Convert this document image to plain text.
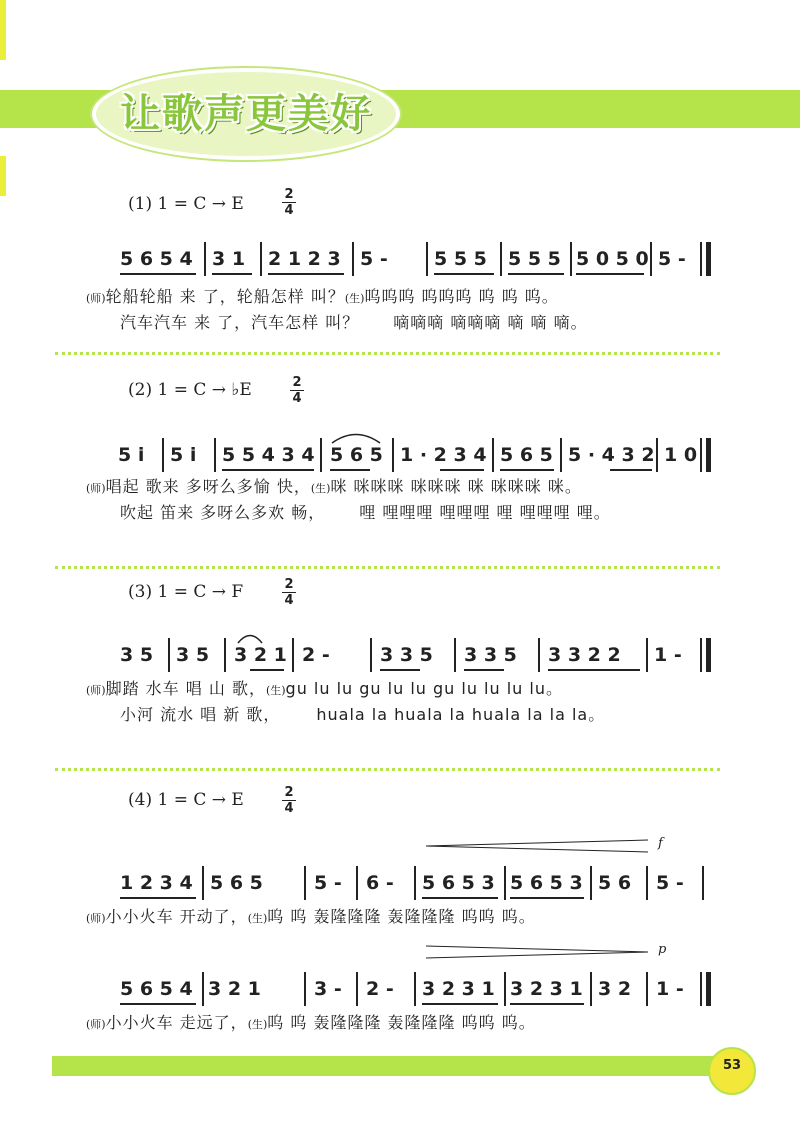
让歌声更美好
(1) 1 = C → E	2
4
5 6 5 4 3 1 2 1 2 3 5 - 5 5 5 5 5 5 5 0 5 0 5 -
(师)轮船轮船 来 了，轮船怎样 叫？(生)呜呜呜 呜呜呜 呜 呜 呜。
汽车汽车 来 了，汽车怎样 叫？ 嘀嘀嘀 嘀嘀嘀 嘀 嘀 嘀。
(2) 1 = C → ♭E	2
4
5 i 5 i 5 5 4 3 4 5 6 5 1 · 2 3 4 5 6 5 5 · 4 3 2 1 0
(师)唱起 歌来 多呀么多愉 快，(生)咪 咪咪咪 咪咪咪 咪 咪咪咪 咪。
吹起 笛来 多呀么多欢 畅， 哩 哩哩哩 哩哩哩 哩 哩哩哩 哩。
(3) 1 = C → F	2
4
3 5 3 5 3 2 1 2 -	3 3 5 3 3 5 3 3 2 2 1 -
(师)脚踏 水车 唱 山 歌，(生)gu lu lu gu lu lu gu lu lu lu lu。
小河 流水 唱 新 歌， huala la huala la huala la la la。
(4) 1 = C → E	2
4
f
1 2 3 4 5 6 5	5 - 6 - 5 6 5 3 5 6 5 3 5 6 5 -
(师)小小火车 开动了，(生)呜 呜 轰隆隆隆 轰隆隆隆 呜呜 呜。
p
5 6 5 4 3 2 1	3 - 2 - 3 2 3 1 3 2 3 1 3 2 1 -
(师)小小火车 走远了，(生)呜 呜 轰隆隆隆 轰隆隆隆 呜呜 呜。
53
